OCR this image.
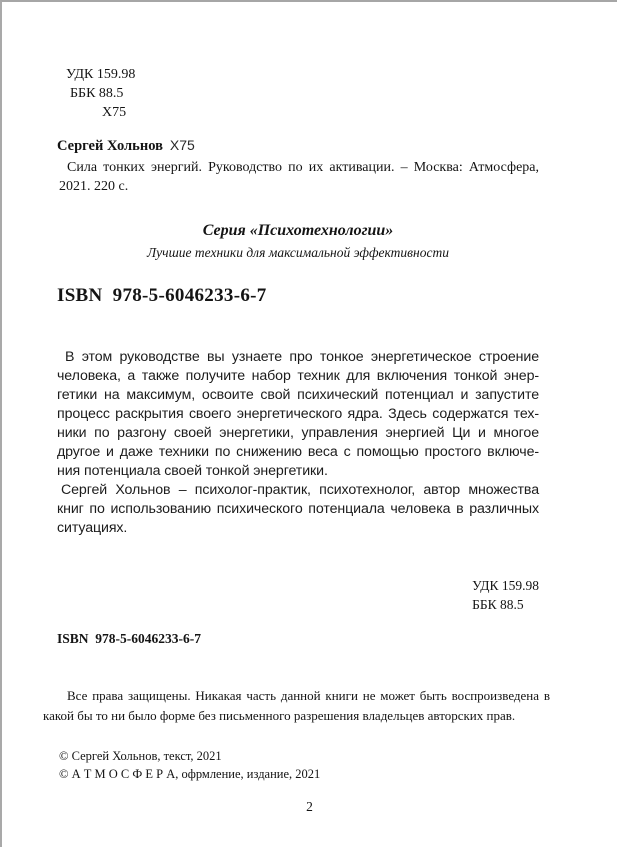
УДК 159.98
ББК 88.5
Х75
Сергей Хольнов Х75
Сила тонких энергий. Руководство по их активации. – Москва: Атмосфера,
2021. 220 с.
Серия «Психотехнологии»
Лучшие техники для максимальной эффективности
ISBN  978-5-6046233-6-7
В этом руководстве вы узнаете про тонкое энергетическое строение
человека, а также получите набор техник для включения тонкой энер-
гетики на максимум, освоите свой психический потенциал и запустите
процесс раскрытия своего энергетического ядра. Здесь содержатся тех-
ники по разгону своей энергетики, управления энергией Ци и многое
другое и даже техники по снижению веса с помощью простого включе-
ния потенциала своей тонкой энергетики.
Сергей Хольнов – психолог-практик, психотехнолог, автор множества
книг по использованию психического потенциала человека в различных
ситуациях.
УДК 159.98
ББК 88.5
ISBN  978-5-6046233-6-7
Все права защищены. Никакая часть данной книги не может быть воспроизведена в
какой бы то ни было форме без письменного разрешения владельцев авторских прав.
© Сергей Хольнов, текст, 2021
© А Т М О С Ф Е Р А, офрмление, издание, 2021
2
